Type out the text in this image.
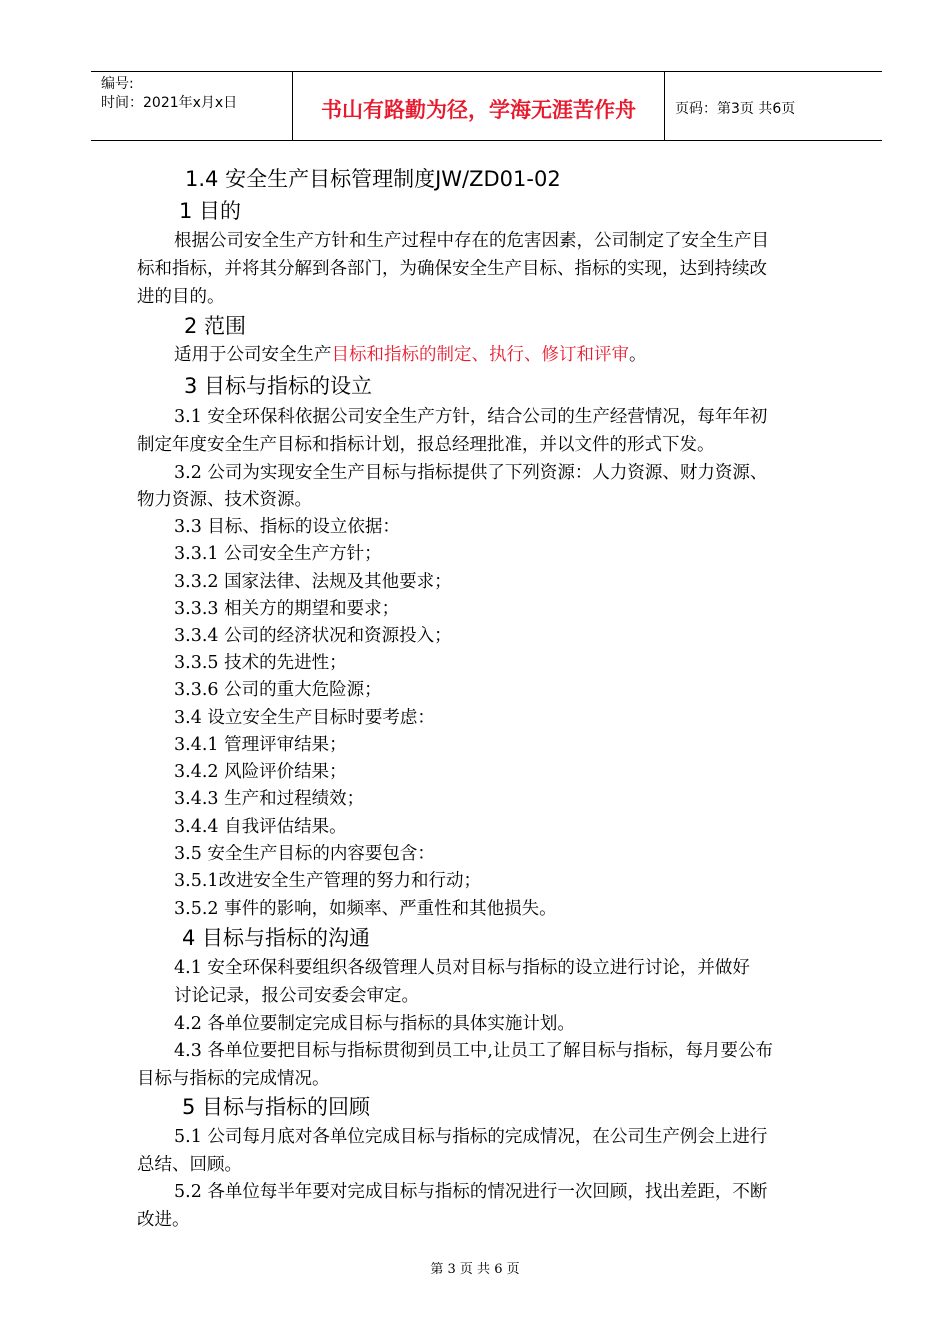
编号:
时间：2021年x月x日	书山有路勤为径，学海无涯苦作舟	页码：第3页 共6页
1.4 安全生产目标管理制度JW/ZD01-02
1 目的
根据公司安全生产方针和生产过程中存在的危害因素，公司制定了安全生产目
标和指标，并将其分解到各部门，为确保安全生产目标、指标的实现，达到持续改
进的目的。
2 范围
适用于公司安全生产目标和指标的制定、执行、修订和评审。
3 目标与指标的设立
3.1 安全环保科依据公司安全生产方针，结合公司的生产经营情况，每年年初
制定年度安全生产目标和指标计划，报总经理批准，并以文件的形式下发。
3.2 公司为实现安全生产目标与指标提供了下列资源：人力资源、财力资源、
物力资源、技术资源。
3.3 目标、指标的设立依据：
3.3.1 公司安全生产方针；
3.3.2 国家法律、法规及其他要求；
3.3.3 相关方的期望和要求；
3.3.4 公司的经济状况和资源投入；
3.3.5 技术的先进性；
3.3.6 公司的重大危险源；
3.4 设立安全生产目标时要考虑：
3.4.1 管理评审结果；
3.4.2 风险评价结果；
3.4.3 生产和过程绩效；
3.4.4 自我评估结果。
3.5 安全生产目标的内容要包含：
3.5.1改进安全生产管理的努力和行动；
3.5.2 事件的影响，如频率、严重性和其他损失。
4 目标与指标的沟通
4.1 安全环保科要组织各级管理人员对目标与指标的设立进行讨论，并做好
讨论记录，报公司安委会审定。
4.2 各单位要制定完成目标与指标的具体实施计划。
4.3 各单位要把目标与指标贯彻到员工中,让员工了解目标与指标，每月要公布
目标与指标的完成情况。
5 目标与指标的回顾
5.1 公司每月底对各单位完成目标与指标的完成情况，在公司生产例会上进行
总结、回顾。
5.2 各单位每半年要对完成目标与指标的情况进行一次回顾，找出差距，不断
改进。
第 3 页 共 6 页
